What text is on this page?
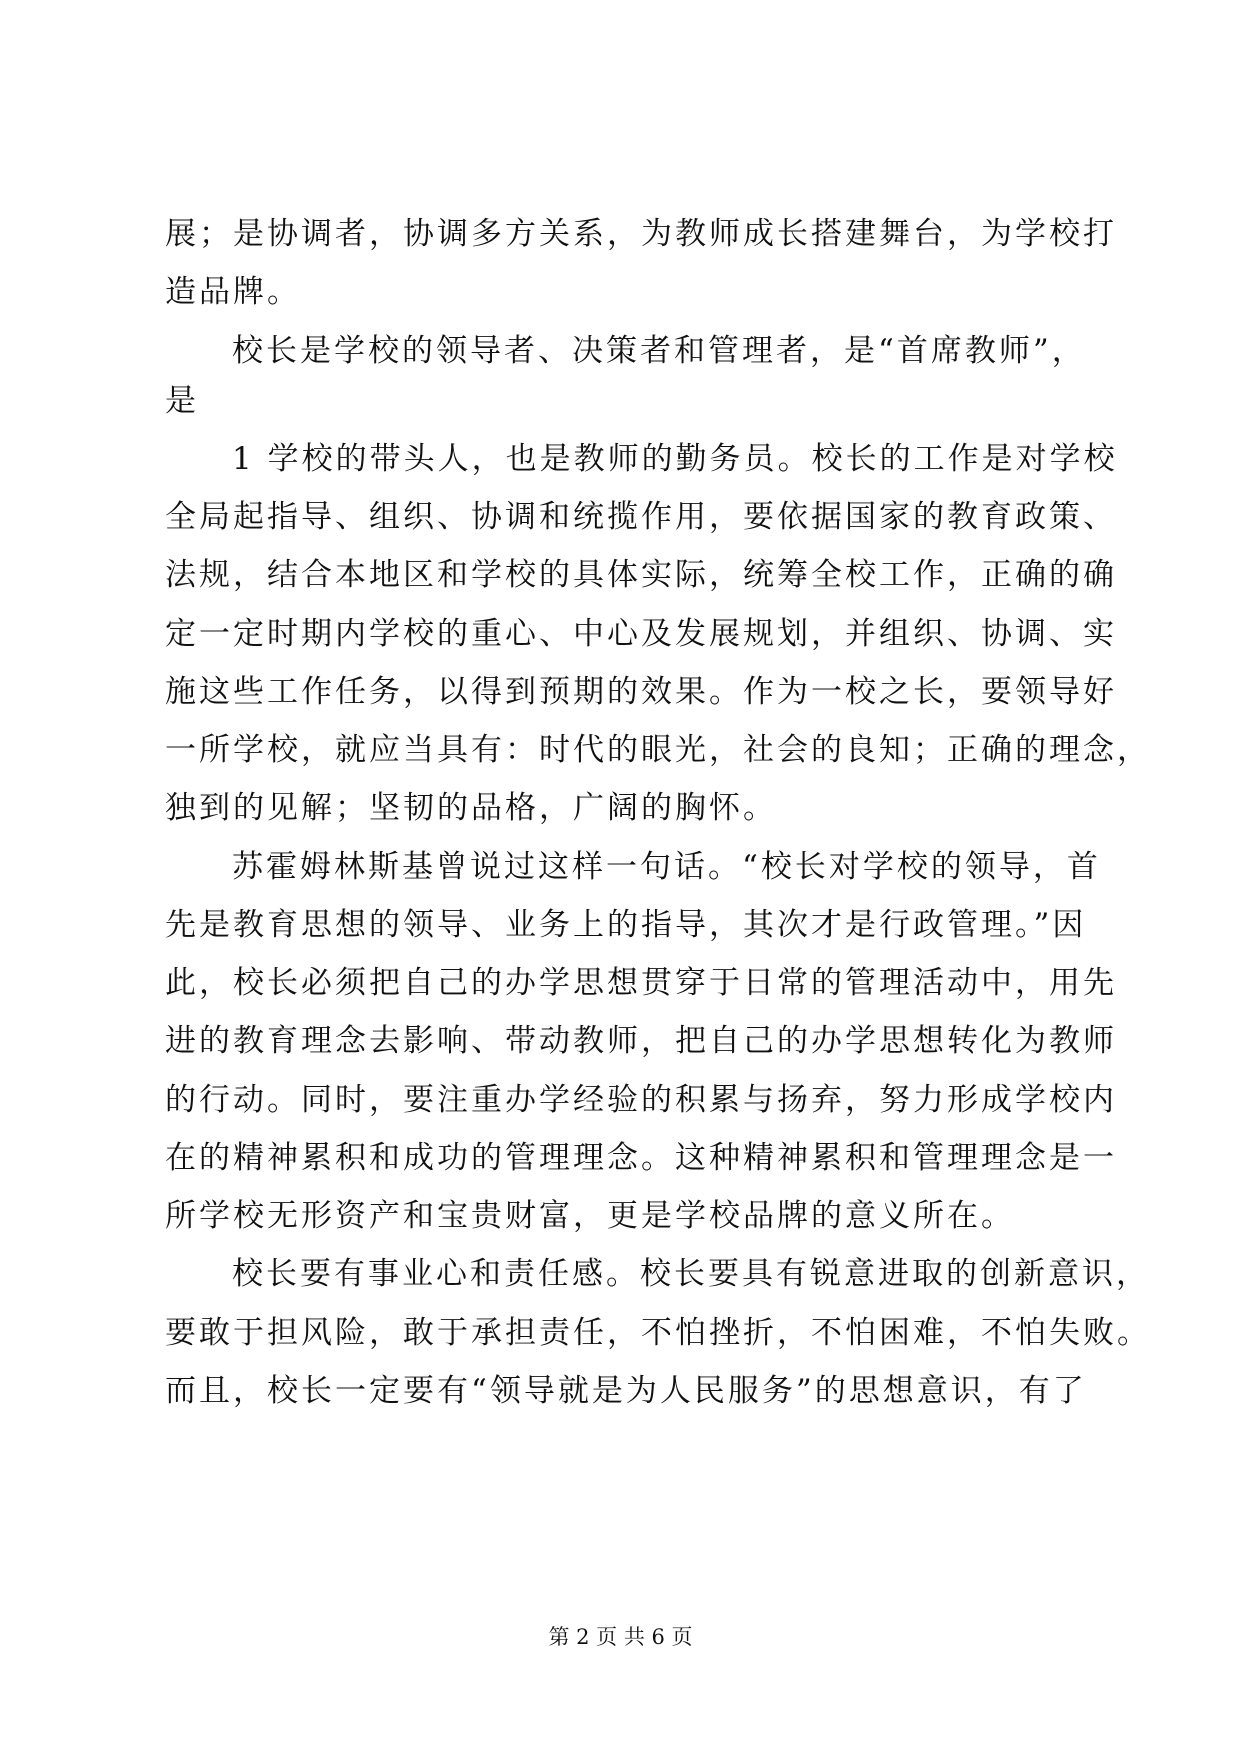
展；是协调者，协调多方关系，为教师成长搭建舞台，为学校打
造品牌。
校长是学校的领导者、决策者和管理者，是“首席教师”，
是
1 学校的带头人，也是教师的勤务员。校长的工作是对学校
全局起指导、组织、协调和统揽作用，要依据国家的教育政策、
法规，结合本地区和学校的具体实际，统筹全校工作，正确的确
定一定时期内学校的重心、中心及发展规划，并组织、协调、实
施这些工作任务，以得到预期的效果。作为一校之长，要领导好
一所学校，就应当具有：时代的眼光，社会的良知；正确的理念，
独到的见解；坚韧的品格，广阔的胸怀。
苏霍姆林斯基曾说过这样一句话。“校长对学校的领导，首
先是教育思想的领导、业务上的指导，其次才是行政管理。”因
此，校长必须把自己的办学思想贯穿于日常的管理活动中，用先
进的教育理念去影响、带动教师，把自己的办学思想转化为教师
的行动。同时，要注重办学经验的积累与扬弃，努力形成学校内
在的精神累积和成功的管理理念。这种精神累积和管理理念是一
所学校无形资产和宝贵财富，更是学校品牌的意义所在。
校长要有事业心和责任感。校长要具有锐意进取的创新意识，
要敢于担风险，敢于承担责任，不怕挫折，不怕困难，不怕失败。
而且，校长一定要有“领导就是为人民服务”的思想意识，有了
第 2 页 共 6 页
